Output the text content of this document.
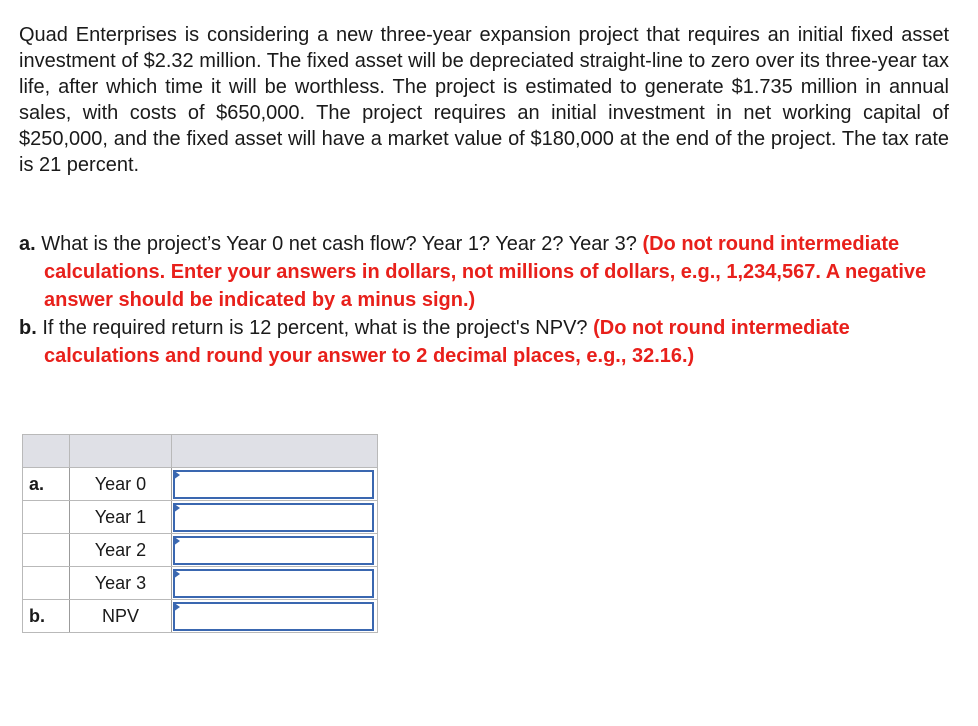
Quad Enterprises is considering a new three-year expansion project that requires an initial fixed asset investment of $2.32 million. The fixed asset will be depreciated straight-line to zero over its three-year tax life, after which time it will be worthless. The project is estimated to generate $1.735 million in annual sales, with costs of $650,000. The project requires an initial investment in net working capital of $250,000, and the fixed asset will have a market value of $180,000 at the end of the project. The tax rate is 21 percent.

a. What is the project’s Year 0 net cash flow? Year 1? Year 2? Year 3? (Do not round intermediate calculations. Enter your answers in dollars, not millions of dollars, e.g., 1,234,567. A negative answer should be indicated by a minus sign.)
b. If the required return is 12 percent, what is the project's NPV? (Do not round intermediate calculations and round your answer to 2 decimal places, e.g., 32.16.)

a.	Year 0	

	Year 1	

	Year 2	

	Year 3	

b.	NPV	
